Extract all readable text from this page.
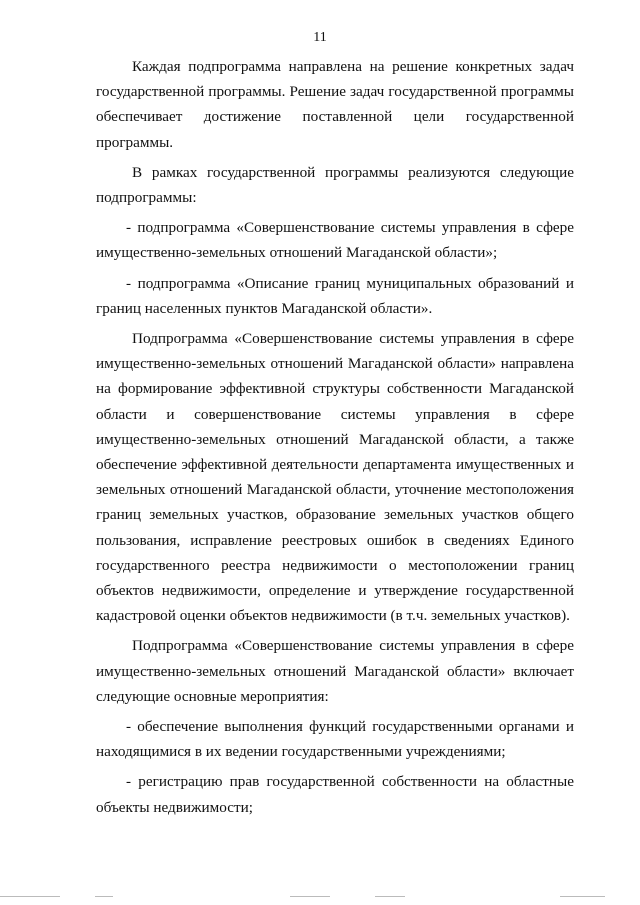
11

Каждая подпрограмма направлена на решение конкретных задач государственной программы. Решение задач государственной программы обеспечивает достижение поставленной цели государственной программы.

В рамках государственной программы реализуются следующие подпрограммы:

- подпрограмма «Совершенствование системы управления в сфере имущественно-земельных отношений Магаданской области»;

- подпрограмма «Описание границ муниципальных образований и границ населенных пунктов Магаданской области».

Подпрограмма «Совершенствование системы управления в сфере имущественно-земельных отношений Магаданской области» направлена на формирование эффективной структуры собственности Магаданской области и совершенствование системы управления в сфере имущественно-земельных отношений Магаданской области, а также обеспечение эффективной деятельности департамента имущественных и земельных отношений Магаданской области, уточнение местоположения границ земельных участков, образование земельных участков общего пользования, исправление реестровых ошибок в сведениях Единого государственного реестра недвижимости о местоположении границ объектов недвижимости, определение и утверждение государственной кадастровой оценки объектов недвижимости (в т.ч. земельных участков).

Подпрограмма «Совершенствование системы управления в сфере имущественно-земельных отношений Магаданской области» включает следующие основные мероприятия:

- обеспечение выполнения функций государственными органами и находящимися в их ведении государственными учреждениями;

- регистрацию прав государственной собственности на областные объекты недвижимости;
